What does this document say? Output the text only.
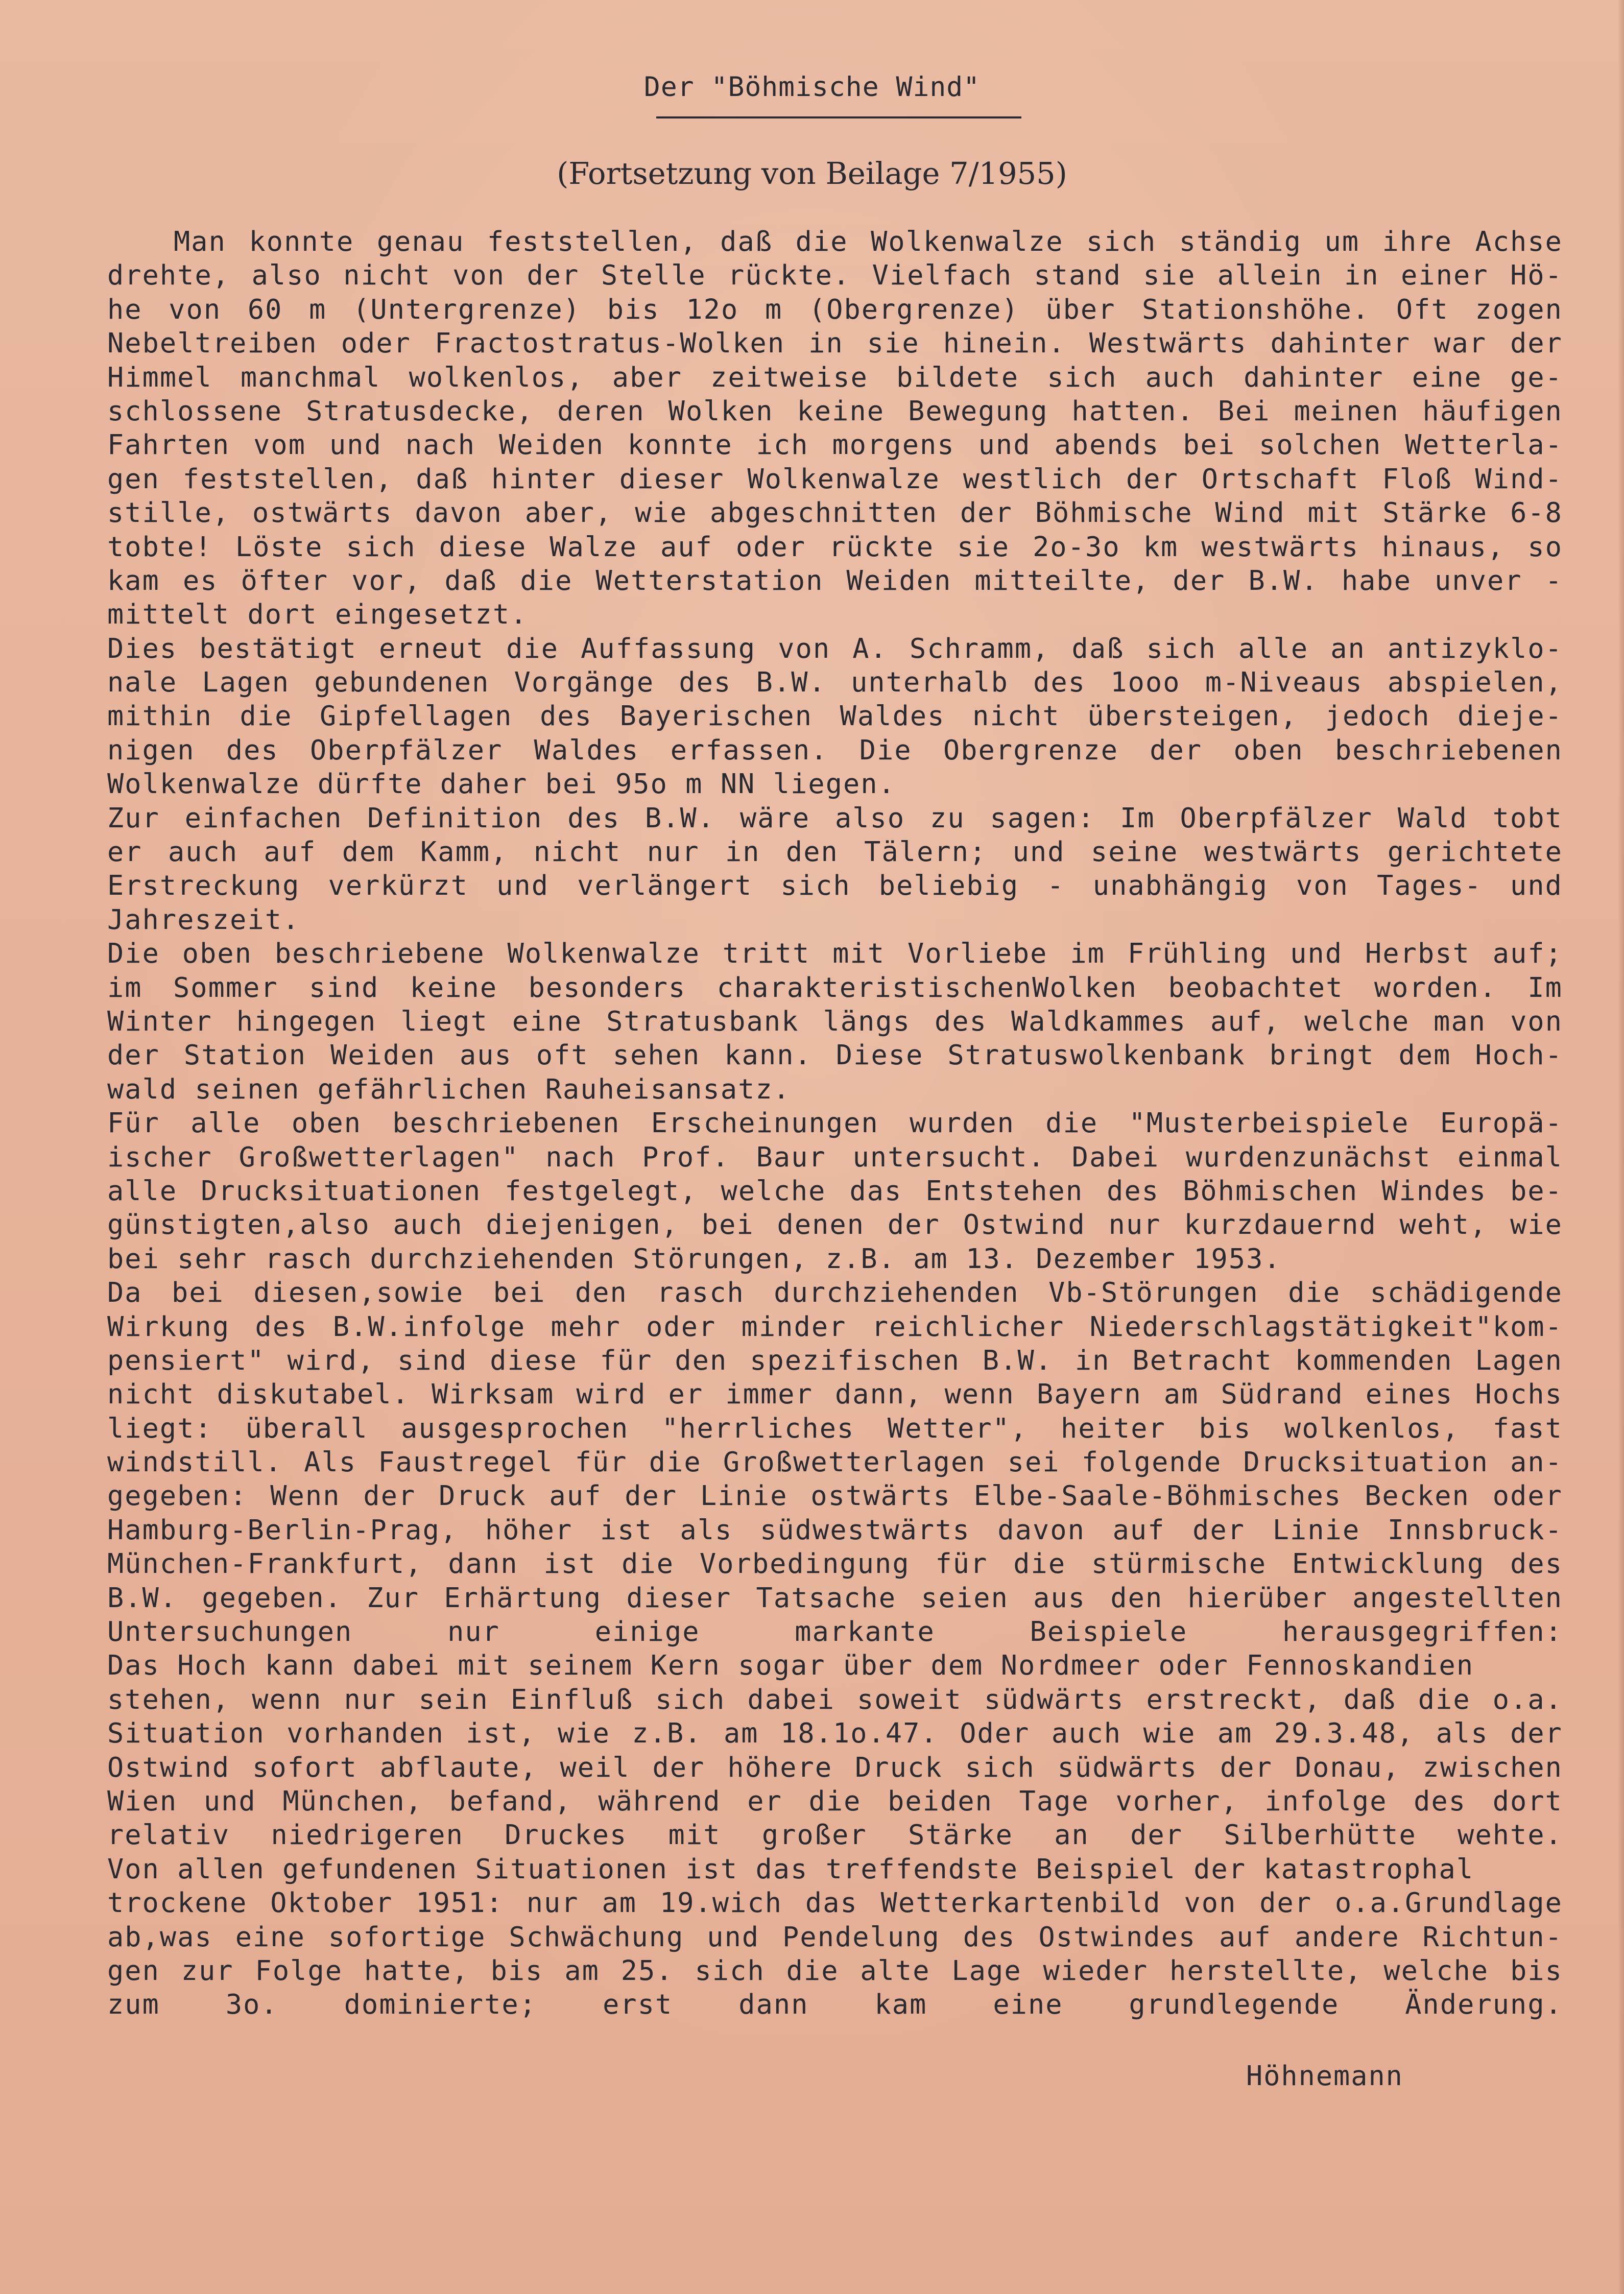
Der "Böhmische Wind"
(Fortsetzung von Beilage 7/1955)
Man konnte genau feststellen, daß die Wolkenwalze sich ständig um ihre Achse
drehte, also nicht von der Stelle rückte. Vielfach stand sie allein in einer Hö-
he von 60 m (Untergrenze) bis 12o m (Obergrenze) über Stationshöhe. Oft zogen
Nebeltreiben oder Fractostratus-Wolken in sie hinein. Westwärts dahinter war der
Himmel manchmal wolkenlos, aber zeitweise bildete sich auch dahinter eine ge-
schlossene Stratusdecke, deren Wolken keine Bewegung hatten. Bei meinen häufigen
Fahrten vom und nach Weiden konnte ich morgens und abends bei solchen Wetterla-
gen feststellen, daß hinter dieser Wolkenwalze westlich der Ortschaft Floß Wind-
stille, ostwärts davon aber, wie abgeschnitten der Böhmische Wind mit Stärke 6-8
tobte! Löste sich diese Walze auf oder rückte sie 2o-3o km westwärts hinaus, so
kam es öfter vor, daß die Wetterstation Weiden mitteilte, der B.W. habe unver -
mittelt dort eingesetzt.
Dies bestätigt erneut die Auffassung von A. Schramm, daß sich alle an antizyklo-
nale Lagen gebundenen Vorgänge des B.W. unterhalb des 1ooo m-Niveaus abspielen,
mithin die Gipfellagen des Bayerischen Waldes nicht übersteigen, jedoch dieje-
nigen des Oberpfälzer Waldes erfassen. Die Obergrenze der oben beschriebenen
Wolkenwalze dürfte daher bei 95o m NN liegen.
Zur einfachen Definition des B.W. wäre also zu sagen: Im Oberpfälzer Wald tobt
er auch auf dem Kamm, nicht nur in den Tälern; und seine westwärts gerichtete
Erstreckung verkürzt und verlängert sich beliebig - unabhängig von Tages- und
Jahreszeit.
Die oben beschriebene Wolkenwalze tritt mit Vorliebe im Frühling und Herbst auf;
im Sommer sind keine besonders charakteristischenWolken beobachtet worden. Im
Winter hingegen liegt eine Stratusbank längs des Waldkammes auf, welche man von
der Station Weiden aus oft sehen kann. Diese Stratuswolkenbank bringt dem Hoch-
wald seinen gefährlichen Rauheisansatz.
Für alle oben beschriebenen Erscheinungen wurden die "Musterbeispiele Europä-
ischer Großwetterlagen" nach Prof. Baur untersucht. Dabei wurdenzunächst einmal
alle Drucksituationen festgelegt, welche das Entstehen des Böhmischen Windes be-
günstigten,also auch diejenigen, bei denen der Ostwind nur kurzdauernd weht, wie
bei sehr rasch durchziehenden Störungen, z.B. am 13. Dezember 1953.
Da bei diesen,sowie bei den rasch durchziehenden Vb-Störungen die schädigende
Wirkung des B.W.infolge mehr oder minder reichlicher Niederschlagstätigkeit"kom-
pensiert" wird, sind diese für den spezifischen B.W. in Betracht kommenden Lagen
nicht diskutabel. Wirksam wird er immer dann, wenn Bayern am Südrand eines Hochs
liegt: überall ausgesprochen "herrliches Wetter", heiter bis wolkenlos, fast
windstill. Als Faustregel für die Großwetterlagen sei folgende Drucksituation an-
gegeben: Wenn der Druck auf der Linie ostwärts Elbe-Saale-Böhmisches Becken oder
Hamburg-Berlin-Prag, höher ist als südwestwärts davon auf der Linie Innsbruck-
München-Frankfurt, dann ist die Vorbedingung für die stürmische Entwicklung des
B.W. gegeben. Zur Erhärtung dieser Tatsache seien aus den hierüber angestellten
Untersuchungen nur einige markante Beispiele herausgegriffen:
Das Hoch kann dabei mit seinem Kern sogar über dem Nordmeer oder Fennoskandien
stehen, wenn nur sein Einfluß sich dabei soweit südwärts erstreckt, daß die o.a.
Situation vorhanden ist, wie z.B. am 18.1o.47. Oder auch wie am 29.3.48, als der
Ostwind sofort abflaute, weil der höhere Druck sich südwärts der Donau, zwischen
Wien und München, befand, während er die beiden Tage vorher, infolge des dort
relativ niedrigeren Druckes mit großer Stärke an der Silberhütte wehte.
Von allen gefundenen Situationen ist das treffendste Beispiel der katastrophal
trockene Oktober 1951: nur am 19.wich das Wetterkartenbild von der o.a.Grundlage
ab,was eine sofortige Schwächung und Pendelung des Ostwindes auf andere Richtun-
gen zur Folge hatte, bis am 25. sich die alte Lage wieder herstellte, welche bis
zum 3o. dominierte; erst dann kam eine grundlegende Änderung.
Höhnemann
